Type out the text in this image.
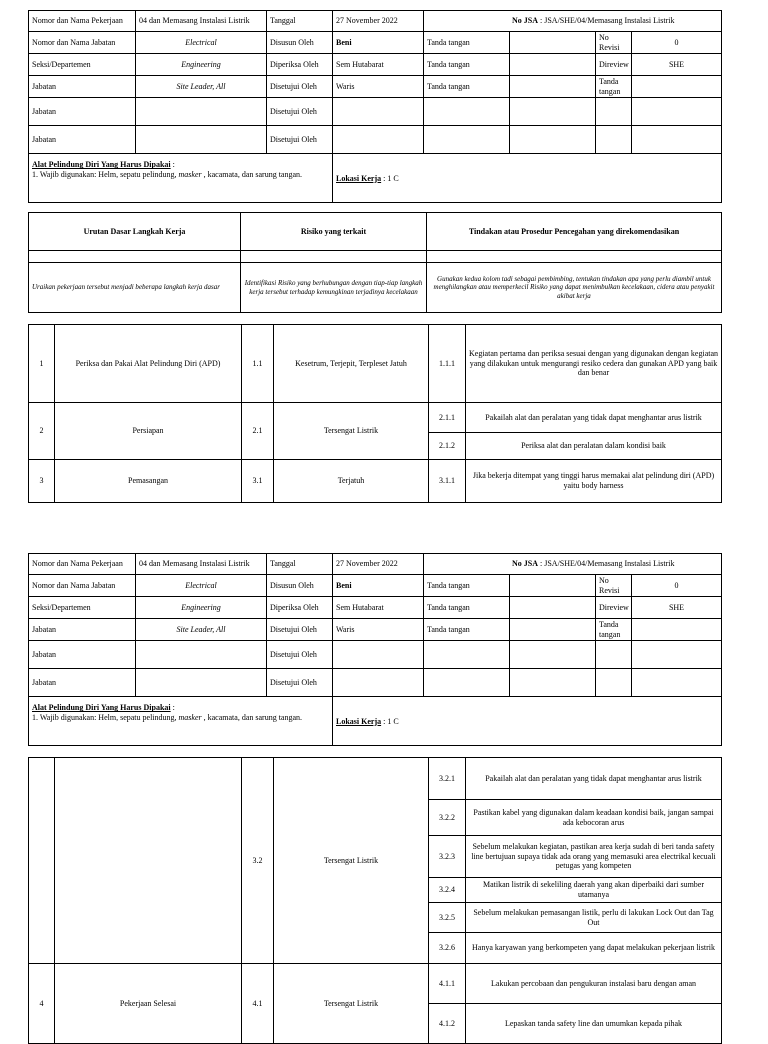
Nomor dan Nama Pekerjaan	04 dan Memasang Instalasi Listrik	Tanggal	27 November 2022	No JSA : JSA/SHE/04/Memasang Instalasi Listrik			
Nomor dan Nama Jabatan	Electrical	Disusun Oleh	Beni	Tanda tangan		No Revisi	0
Seksi/Departemen	Engineering	Diperiksa Oleh	Sem Hutabarat	Tanda tangan		Direview	SHE
Jabatan	Site Leader, All	Disetujui Oleh	Waris	Tanda tangan		Tanda tangan	
Jabatan		Disetujui Oleh					
Jabatan		Disetujui Oleh					
Alat Pelindung Diri Yang Harus Dipakai :
1. Wajib digunakan: Helm, sepatu pelindung, masker , kacamata, dan sarung tangan.			Lokasi Kerja : 1 C				
Urutan Dasar Langkah Kerja	Risiko yang terkait	Tindakan atau Prosedur Pencegahan yang direkomendasikan

Uraikan pekerjaan tersebut menjadi beberapa langkah kerja dasar	Identifikasi Risiko yang berhubungan dengan tiap-tiap langkah kerja tersebut terhadap kemungkinan terjadinya kecelakaan	Gunakan kedua kolom tadi sebagai pembimbing, tentukan tindakan apa yang perlu diambil untuk menghilangkan atau memperkecil Risiko yang dapat menimbulkan kecelakaan, cidera atau penyakit akibat kerja
1	Periksa dan Pakai Alat Pelindung Diri (APD)	1.1	Kesetrum, Terjepit, Terpleset Jatuh	1.1.1	Kegiatan pertama dan periksa sesuai dengan yang digunakan dengan kegiatan yang dilakukan untuk mengurangi resiko cedera dan gunakan APD yang baik dan benar
2	Persiapan	2.1	Tersengat Listrik	2.1.1	Pakailah alat dan peralatan yang tidak dapat menghantar arus listrik
				2.1.2	Periksa alat dan peralatan dalam kondisi baik
3	Pemasangan	3.1	Terjatuh	3.1.1	Jika bekerja ditempat yang tinggi harus memakai alat pelindung diri (APD) yaitu body harness
Nomor dan Nama Pekerjaan	04 dan Memasang Instalasi Listrik	Tanggal	27 November 2022	No JSA : JSA/SHE/04/Memasang Instalasi Listrik			
Nomor dan Nama Jabatan	Electrical	Disusun Oleh	Beni	Tanda tangan		No Revisi	0
Seksi/Departemen	Engineering	Diperiksa Oleh	Sem Hutabarat	Tanda tangan		Direview	SHE
Jabatan	Site Leader, All	Disetujui Oleh	Waris	Tanda tangan		Tanda tangan	
Jabatan		Disetujui Oleh					
Jabatan		Disetujui Oleh					
Alat Pelindung Diri Yang Harus Dipakai :
1. Wajib digunakan: Helm, sepatu pelindung, masker , kacamata, dan sarung tangan.			Lokasi Kerja : 1 C				
		3.2	Tersengat Listrik	3.2.1	Pakailah alat dan peralatan yang tidak dapat menghantar arus listrik
				3.2.2	Pastikan kabel yang digunakan dalam keadaan kondisi baik, jangan sampai ada kebocoran arus
				3.2.3	Sebelum melakukan kegiatan, pastikan area kerja sudah di beri tanda safety line bertujuan supaya tidak ada orang yang memasuki area electrikal kecuali petugas yang kompeten
				3.2.4	Matikan listrik di sekeliling daerah yang akan diperbaiki dari sumber utamanya
				3.2.5	Sebelum melakukan pemasangan listik, perlu di lakukan Lock Out dan Tag Out
				3.2.6	Hanya karyawan yang berkompeten yang dapat melakukan pekerjaan listrik
4	Pekerjaan Selesai	4.1	Tersengat Listrik	4.1.1	Lakukan percobaan dan pengukuran instalasi baru dengan aman
				4.1.2	Lepaskan tanda safety line dan umumkan kepada pihak
